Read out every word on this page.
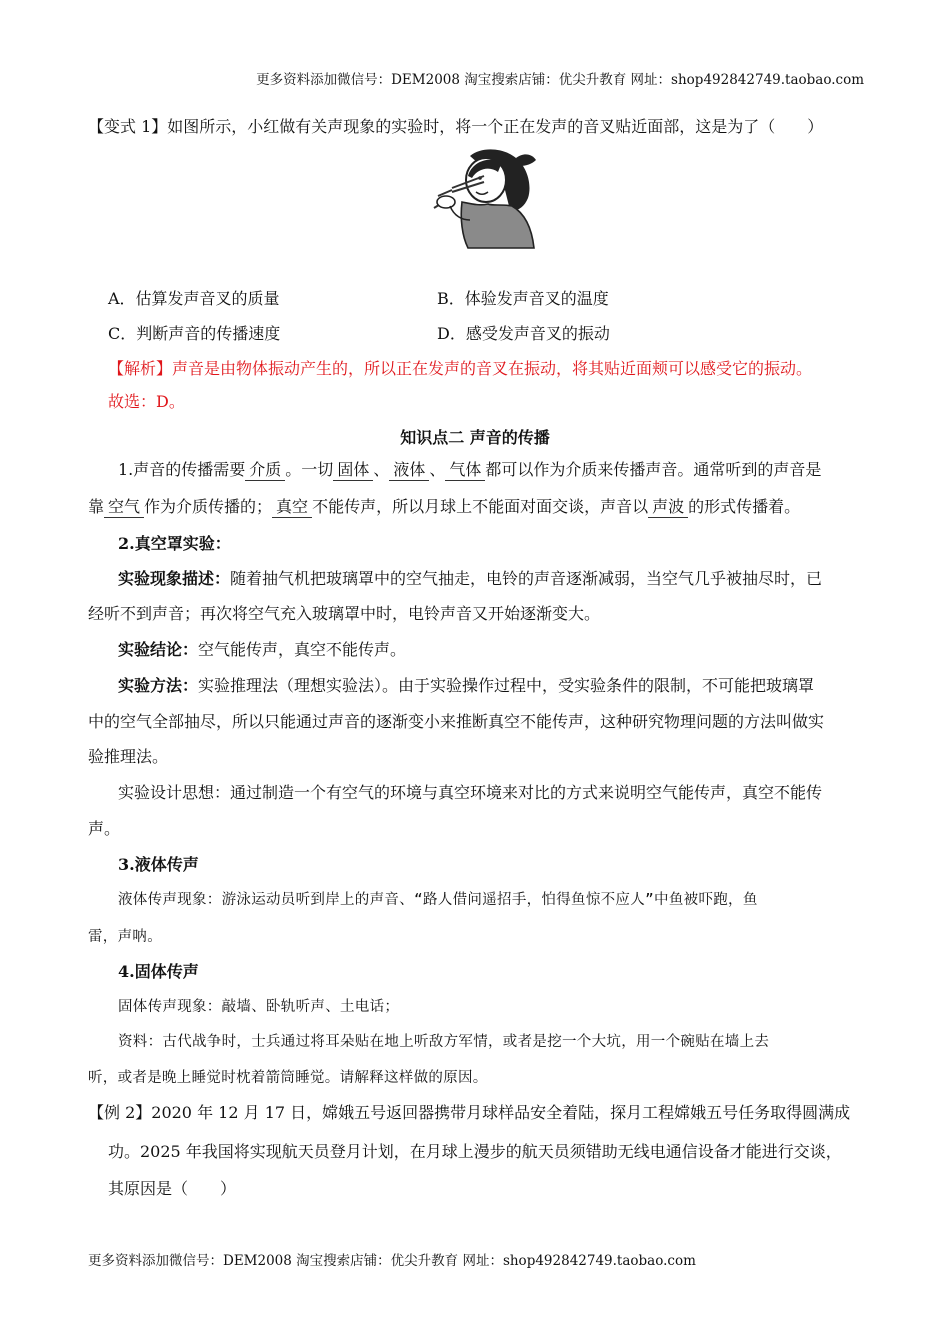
更多资料添加微信号：DEM2008 淘宝搜索店铺：优尖升教育 网址：shop492842749.taobao.com
【变式 1】如图所示，小红做有关声现象的实验时，将一个正在发声的音叉贴近面部，这是为了（　　）
A．估算发声音叉的质量	B．体验发声音叉的温度
C．判断声音的传播速度	D．感受发声音叉的振动
【解析】声音是由物体振动产生的，所以正在发声的音叉在振动，将其贴近面颊可以感受它的振动。
故选：D。
知识点二 声音的传播
1.声音的传播需要 介质 。一切 固体 、 液体 、 气体 都可以作为介质来传播声音。通常听到的声音是
靠 空气 作为介质传播的； 真空 不能传声，所以月球上不能面对面交谈，声音以 声波 的形式传播着。
2.真空罩实验：
实验现象描述：随着抽气机把玻璃罩中的空气抽走，电铃的声音逐渐减弱，当空气几乎被抽尽时，已
经听不到声音；再次将空气充入玻璃罩中时，电铃声音又开始逐渐变大。
实验结论：空气能传声，真空不能传声。
实验方法：实验推理法（理想实验法）。由于实验操作过程中，受实验条件的限制，不可能把玻璃罩
中的空气全部抽尽，所以只能通过声音的逐渐变小来推断真空不能传声，这种研究物理问题的方法叫做实
验推理法。
实验设计思想：通过制造一个有空气的环境与真空环境来对比的方式来说明空气能传声，真空不能传
声。
3.液体传声
液体传声现象：游泳运动员听到岸上的声音、“路人借问遥招手，怕得鱼惊不应人”中鱼被吓跑，鱼
雷，声呐。
4.固体传声
固体传声现象：敲墙、卧轨听声、土电话；
资料：古代战争时，士兵通过将耳朵贴在地上听敌方军情，或者是挖一个大坑，用一个碗贴在墙上去
听，或者是晚上睡觉时枕着箭筒睡觉。请解释这样做的原因。
【例 2】2020 年 12 月 17 日，嫦娥五号返回器携带月球样品安全着陆，探月工程嫦娥五号任务取得圆满成
功。2025 年我国将实现航天员登月计划，在月球上漫步的航天员须错助无线电通信设备才能进行交谈，
其原因是（　　）
更多资料添加微信号：DEM2008 淘宝搜索店铺：优尖升教育 网址：shop492842749.taobao.com
